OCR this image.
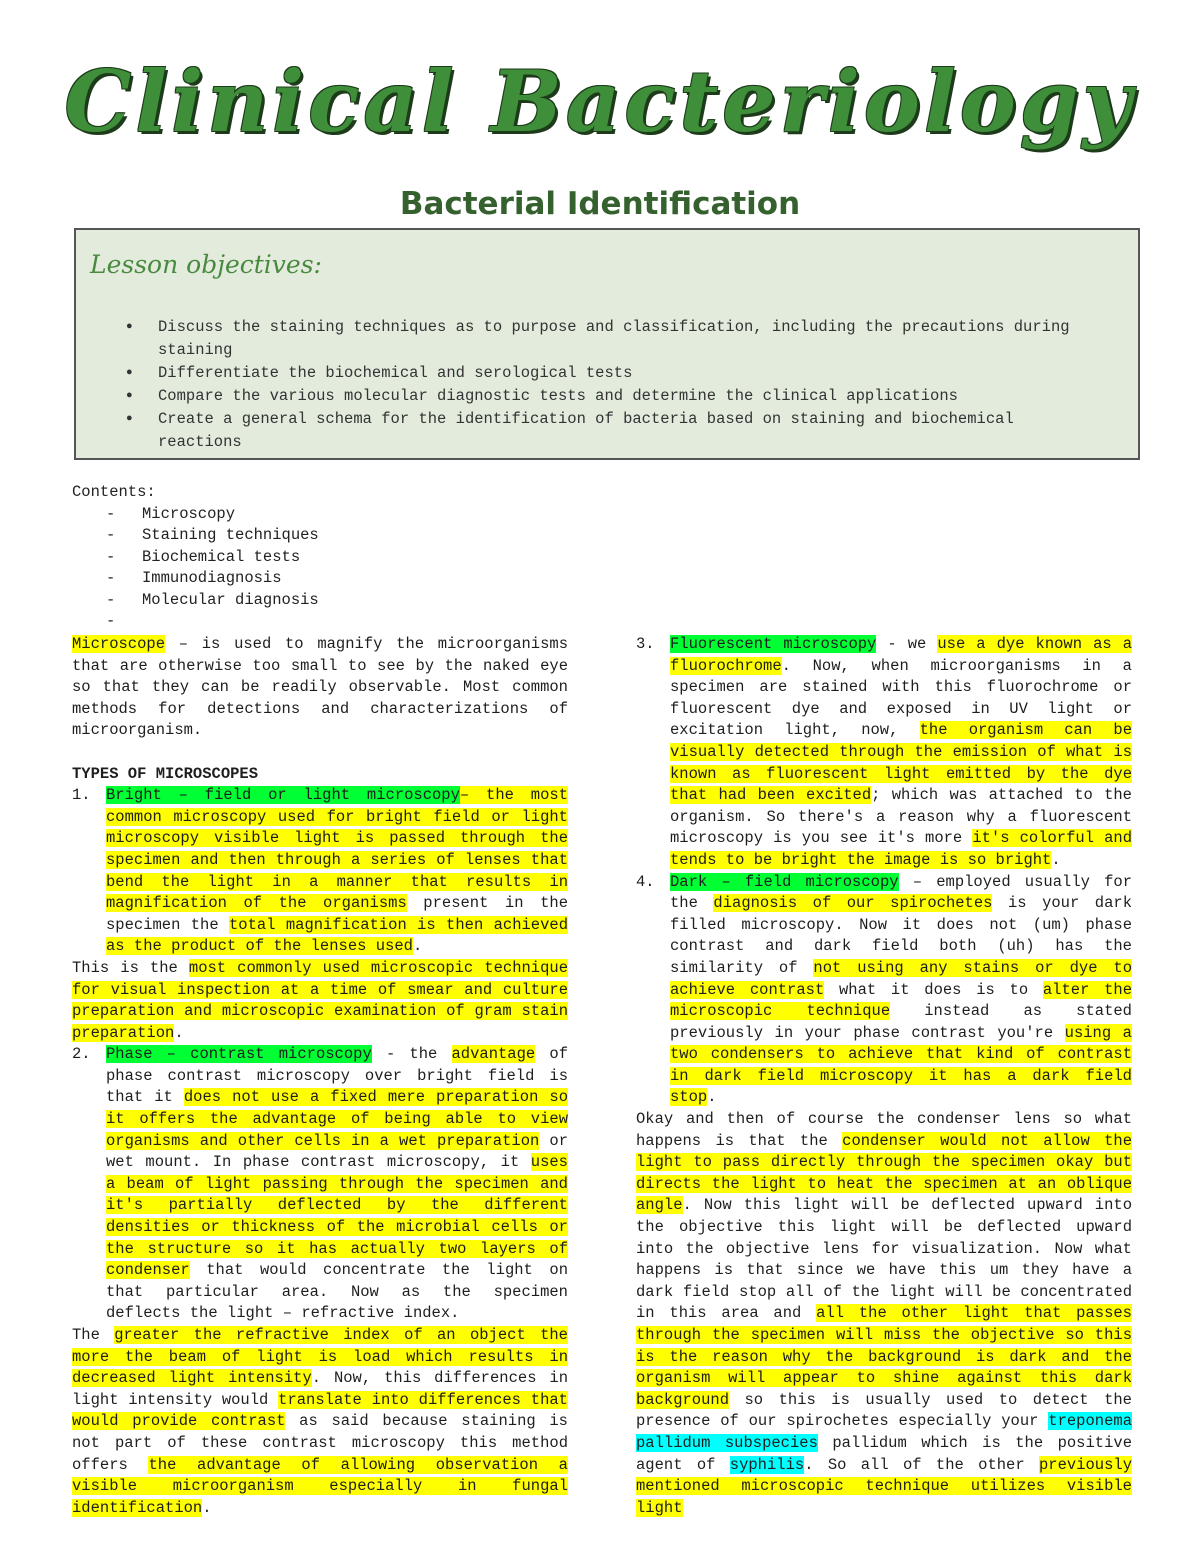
Clinical Bacteriology
Bacterial Identification
Lesson objectives:
● Discuss the staining techniques as to purpose and classification, including the precautions during staining
● Differentiate the biochemical and serological tests
● Compare the various molecular diagnostic tests and determine the clinical applications
● Create a general schema for the identification of bacteria based on staining and biochemical reactions
Contents:
- Microscopy
- Staining techniques
- Biochemical tests
- Immunodiagnosis
- Molecular diagnosis

Microscope – is used to magnify the microorganisms that are otherwise too small to see by the naked eye so that they can be readily observable. Most common methods for detections and characterizations of microorganism.

TYPES OF MICROSCOPES

1. Bright – field or light microscopy– the most common microscopy used for bright field or light microscopy visible light is passed through the specimen and then through a series of lenses that bend the light in a manner that results in magnification of the organisms present in the specimen the total magnification is then achieved as the product of the lenses used.

This is the most commonly used microscopic technique for visual inspection at a time of smear and culture preparation and microscopic examination of gram stain preparation.

2. Phase – contrast microscopy - the advantage of phase contrast microscopy over bright field is that it does not use a fixed mere preparation so it offers the advantage of being able to view organisms and other cells in a wet preparation or wet mount. In phase contrast microscopy, it uses a beam of light passing through the specimen and it's partially deflected by the different densities or thickness of the microbial cells or the structure so it has actually two layers of condenser that would concentrate the light on that particular area. Now as the specimen deflects the light – refractive index.

The greater the refractive index of an object the more the beam of light is load which results in decreased light intensity. Now, this differences in light intensity would translate into differences that would provide contrast as said because staining is not part of these contrast microscopy this method offers the advantage of allowing observation a visible microorganism especially in fungal identification.

3. Fluorescent microscopy - we use a dye known as a fluorochrome. Now, when microorganisms in a specimen are stained with this fluorochrome or fluorescent dye and exposed in UV light or excitation light, now, the organism can be visually detected through the emission of what is known as fluorescent light emitted by the dye that had been excited; which was attached to the organism. So there's a reason why a fluorescent microscopy is you see it's more it's colorful and tends to be bright the image is so bright.

4. Dark – field microscopy – employed usually for the diagnosis of our spirochetes is your dark filled microscopy. Now it does not (um) phase contrast and dark field both (uh) has the similarity of not using any stains or dye to achieve contrast what it does is to alter the microscopic technique instead as stated previously in your phase contrast you're using a two condensers to achieve that kind of contrast in dark field microscopy it has a dark field stop.

Okay and then of course the condenser lens so what happens is that the condenser would not allow the light to pass directly through the specimen okay but directs the light to heat the specimen at an oblique angle. Now this light will be deflected upward into the objective this light will be deflected upward into the objective lens for visualization. Now what happens is that since we have this um they have a dark field stop all of the light will be concentrated in this area and all the other light that passes through the specimen will miss the objective so this is the reason why the background is dark and the organism will appear to shine against this dark background so this is usually used to detect the presence of our spirochetes especially your treponema pallidum subspecies pallidum which is the positive agent of syphilis. So all of the other previously mentioned microscopic technique utilizes visible light
